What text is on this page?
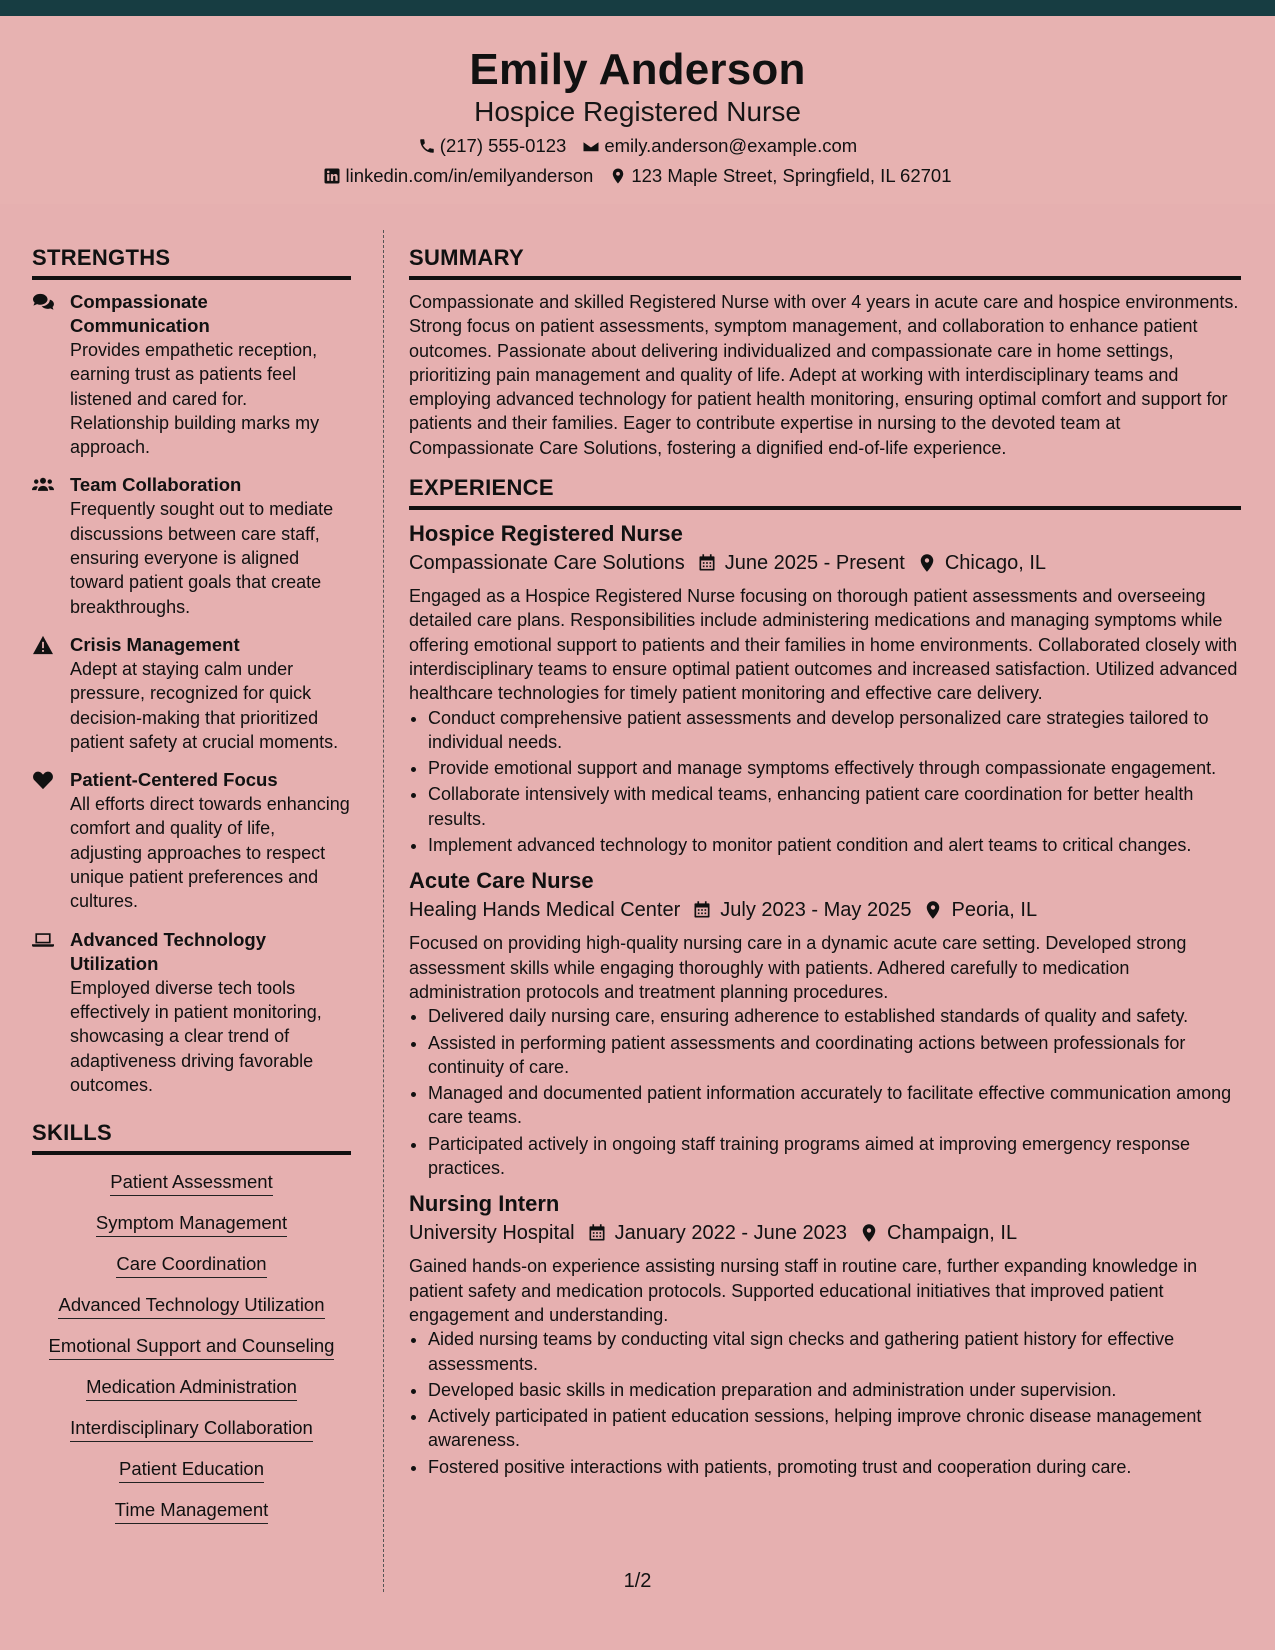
Emily Anderson
Hospice Registered Nurse
(217) 555-0123 emily.anderson@example.com
linkedin.com/in/emilyanderson 123 Maple Street, Springfield, IL 62701
STRENGTHS
Compassionate Communication
Provides empathetic reception, earning trust as patients feel listened and cared for. Relationship building marks my approach.
Team Collaboration
Frequently sought out to mediate discussions between care staff, ensuring everyone is aligned toward patient goals that create breakthroughs.
Crisis Management
Adept at staying calm under pressure, recognized for quick decision-making that prioritized patient safety at crucial moments.
Patient-Centered Focus
All efforts direct towards enhancing comfort and quality of life, adjusting approaches to respect unique patient preferences and cultures.
Advanced Technology Utilization
Employed diverse tech tools effectively in patient monitoring, showcasing a clear trend of adaptiveness driving favorable outcomes.
SKILLS
Patient Assessment
Symptom Management
Care Coordination
Advanced Technology Utilization
Emotional Support and Counseling
Medication Administration
Interdisciplinary Collaboration
Patient Education
Time Management
SUMMARY
Compassionate and skilled Registered Nurse with over 4 years in acute care and hospice environments. Strong focus on patient assessments, symptom management, and collaboration to enhance patient outcomes. Passionate about delivering individualized and compassionate care in home settings, prioritizing pain management and quality of life. Adept at working with interdisciplinary teams and employing advanced technology for patient health monitoring, ensuring optimal comfort and support for patients and their families. Eager to contribute expertise in nursing to the devoted team at Compassionate Care Solutions, fostering a dignified end-of-life experience.
EXPERIENCE
Hospice Registered Nurse
Compassionate Care Solutions June 2025 - Present Chicago, IL
Engaged as a Hospice Registered Nurse focusing on thorough patient assessments and overseeing detailed care plans. Responsibilities include administering medications and managing symptoms while offering emotional support to patients and their families in home environments. Collaborated closely with interdisciplinary teams to ensure optimal patient outcomes and increased satisfaction. Utilized advanced healthcare technologies for timely patient monitoring and effective care delivery.
• Conduct comprehensive patient assessments and develop personalized care strategies tailored to individual needs.
• Provide emotional support and manage symptoms effectively through compassionate engagement.
• Collaborate intensively with medical teams, enhancing patient care coordination for better health results.
• Implement advanced technology to monitor patient condition and alert teams to critical changes.
Acute Care Nurse
Healing Hands Medical Center July 2023 - May 2025 Peoria, IL
Focused on providing high-quality nursing care in a dynamic acute care setting. Developed strong assessment skills while engaging thoroughly with patients. Adhered carefully to medication administration protocols and treatment planning procedures.
• Delivered daily nursing care, ensuring adherence to established standards of quality and safety.
• Assisted in performing patient assessments and coordinating actions between professionals for continuity of care.
• Managed and documented patient information accurately to facilitate effective communication among care teams.
• Participated actively in ongoing staff training programs aimed at improving emergency response practices.
Nursing Intern
University Hospital January 2022 - June 2023 Champaign, IL
Gained hands-on experience assisting nursing staff in routine care, further expanding knowledge in patient safety and medication protocols. Supported educational initiatives that improved patient engagement and understanding.
• Aided nursing teams by conducting vital sign checks and gathering patient history for effective assessments.
• Developed basic skills in medication preparation and administration under supervision.
• Actively participated in patient education sessions, helping improve chronic disease management awareness.
• Fostered positive interactions with patients, promoting trust and cooperation during care.
1/2
